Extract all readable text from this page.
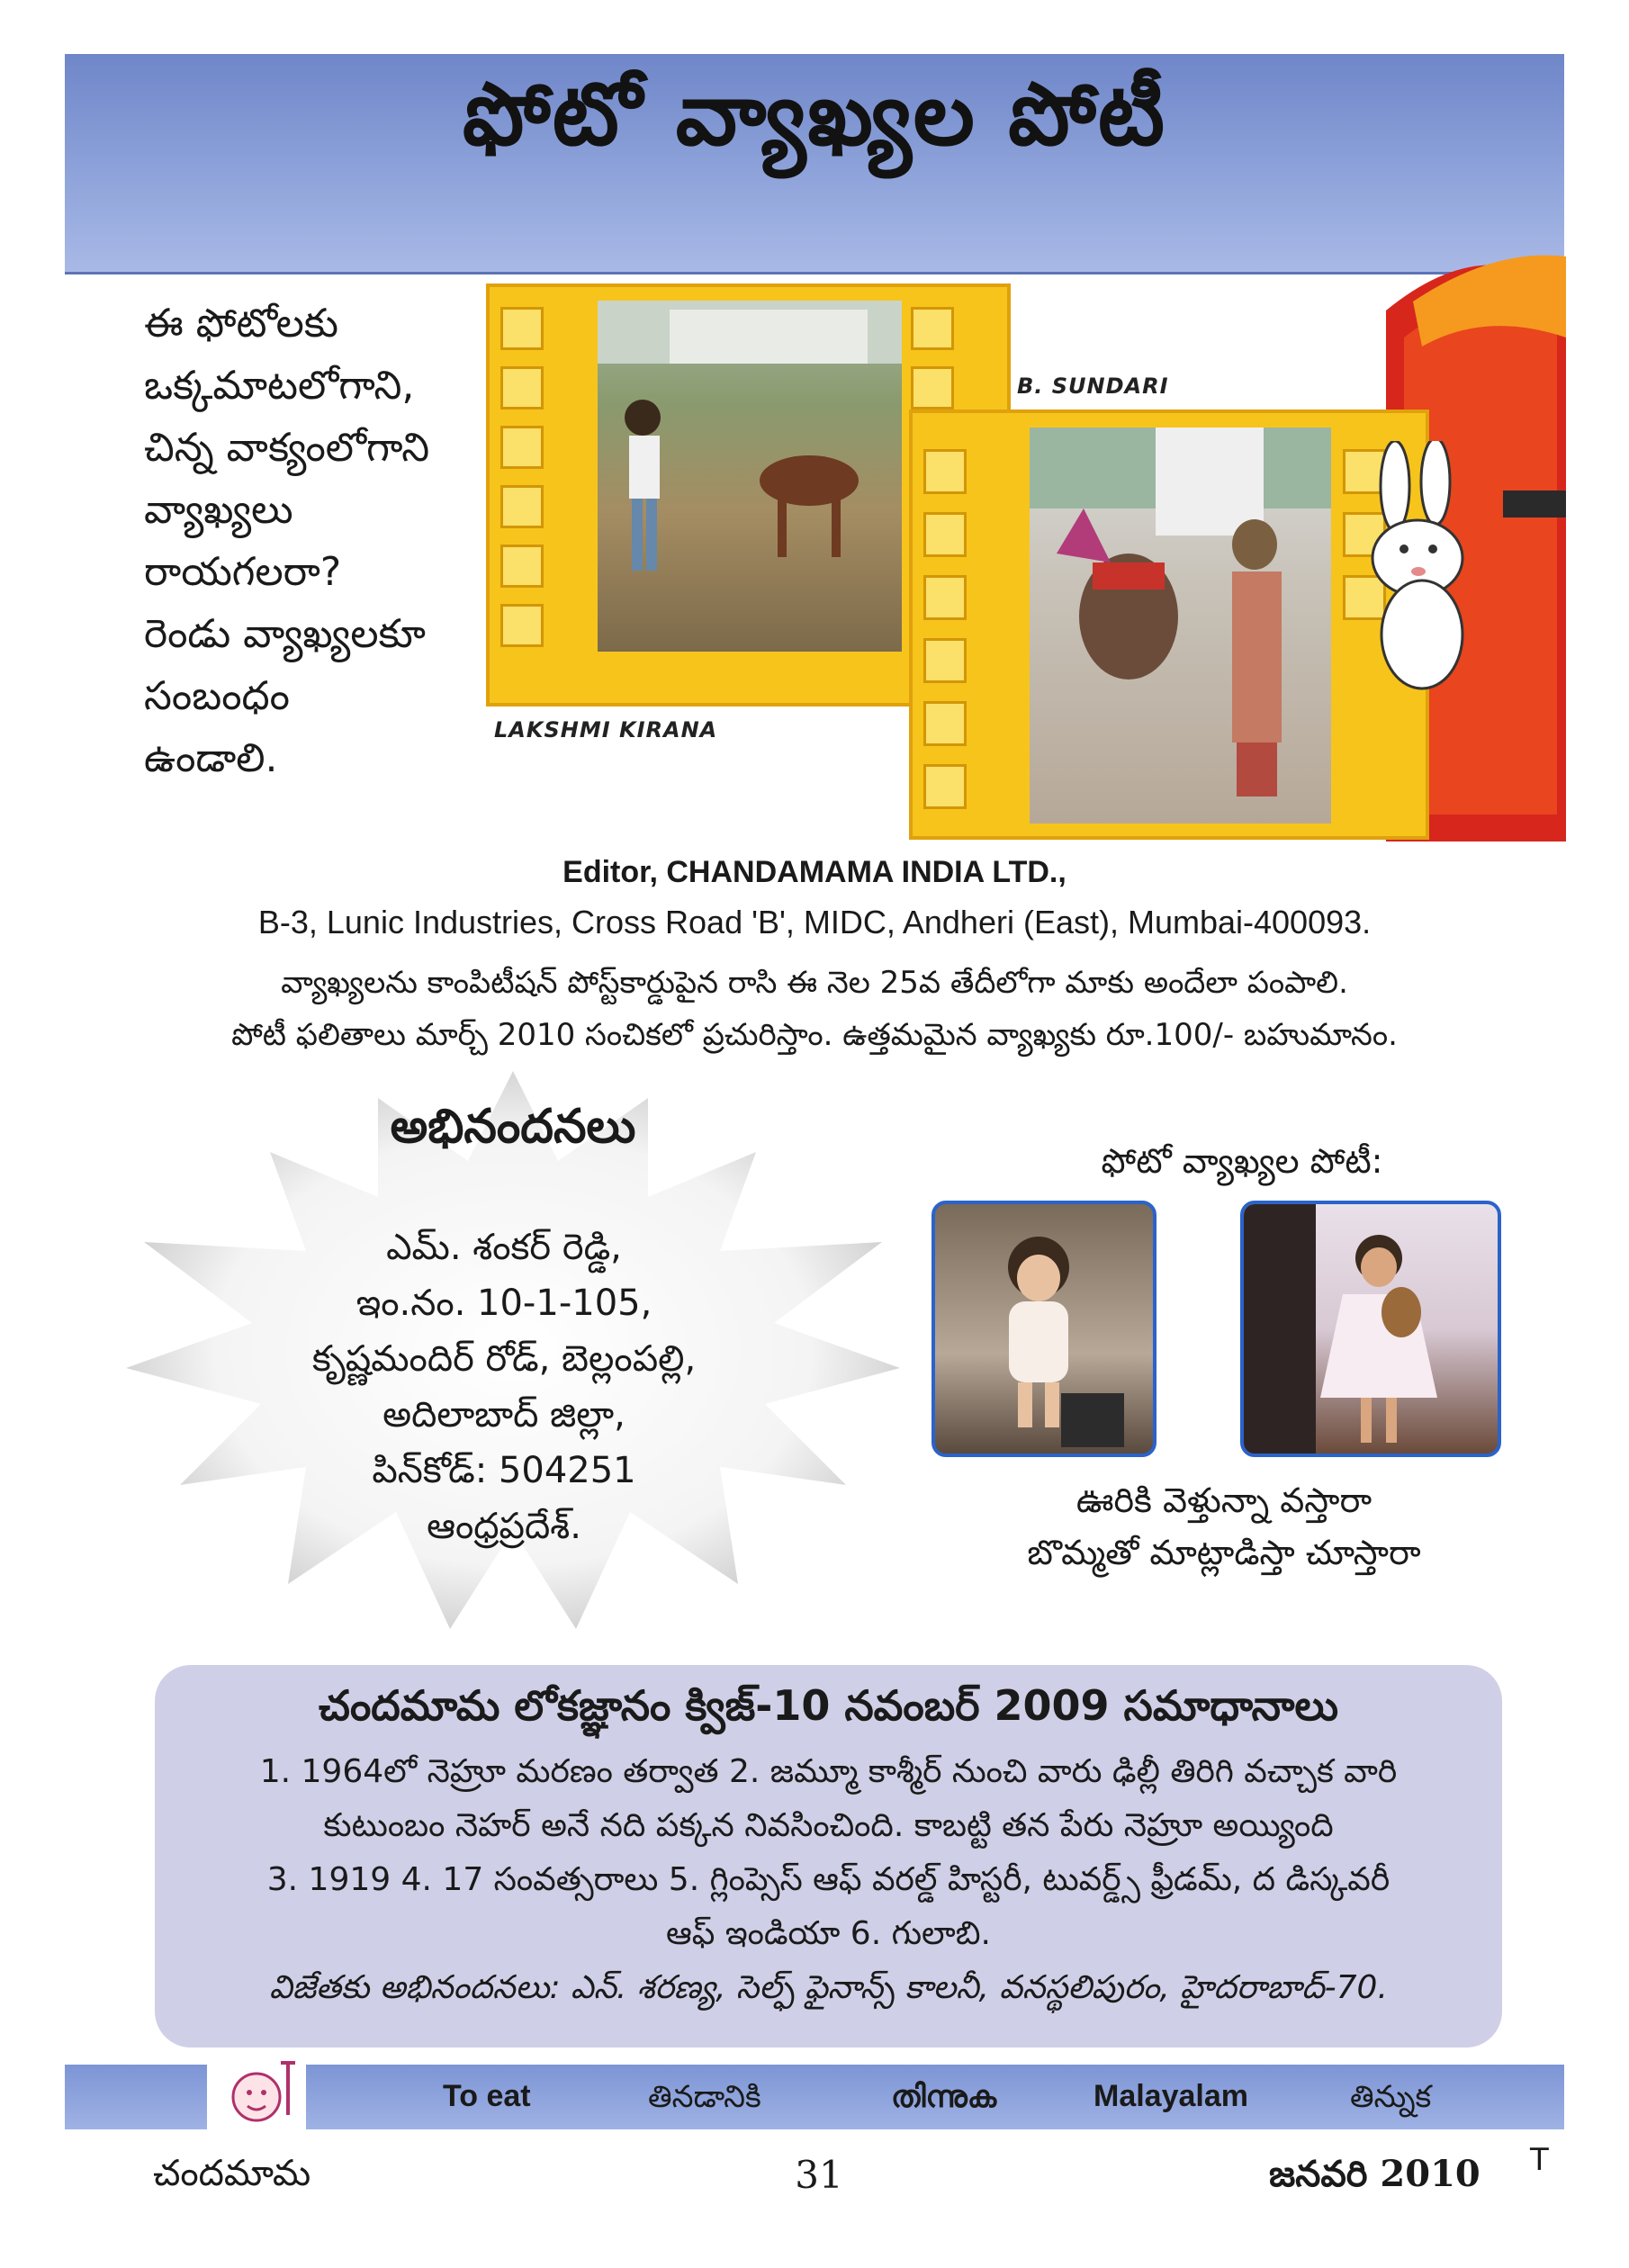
ఫోటో వ్యాఖ్యల పోటీ
LAKSHMI KIRANA
B. SUNDARI
ఈ ఫోటోలకు
ఒక్కమాటలోగాని,
చిన్న వాక్యంలోగాని
వ్యాఖ్యలు
రాయగలరా?
రెండు వ్యాఖ్యలకూ
సంబంధం
ఉండాలి.
Editor, CHANDAMAMA INDIA LTD.,
B-3, Lunic Industries, Cross Road 'B', MIDC, Andheri (East), Mumbai-400093.
వ్యాఖ్యలను కాంపిటీషన్ పోస్ట్‌కార్డుపైన రాసి ఈ నెల 25వ తేదీలోగా మాకు అందేలా పంపాలి.
పోటీ ఫలితాలు మార్చ్ 2010 సంచికలో ప్రచురిస్తాం. ఉత్తమమైన వ్యాఖ్యకు రూ.100/- బహుమానం.
అభినందనలు
ఎమ్. శంకర్ రెడ్డి,
ఇం.నం. 10-1-105,
కృష్ణమందిర్ రోడ్, బెల్లంపల్లి,
అదిలాబాద్ జిల్లా,
పిన్‌కోడ్: 504251
ఆంధ్రప్రదేశ్.
ఫోటో వ్యాఖ్యల పోటీ:
ఊరికి వెళ్తున్నా వస్తారా
బొమ్మతో మాట్లాడిస్తా చూస్తారా
చందమామ లోకజ్ఞానం క్విజ్-10 నవంబర్ 2009 సమాధానాలు
1. 1964లో నెహ్రూ మరణం తర్వాత 2. జమ్మూ కాశ్మీర్ నుంచి వారు ఢిల్లీ తిరిగి వచ్చాక వారి
కుటుంబం నెహర్ అనే నది పక్కన నివసించింది. కాబట్టి తన పేరు నెహ్రూ అయ్యింది
3. 1919 4. 17 సంవత్సరాలు 5. గ్లింప్సెస్ ఆఫ్ వరల్డ్ హిస్టరీ, టువర్డ్స్ ఫ్రీడమ్, ద డిస్కవరీ
ఆఫ్ ఇండియా 6. గులాబి.
విజేతకు అభినందనలు: ఎన్. శరణ్య, సెల్ఫ్ ఫైనాన్స్ కాలనీ, వనస్థలిపురం, హైదరాబాద్-70.
To eat	తినడానికి	തിന്നുക	Malayalam	తిన్నుక
చందమామ	31	జనవరి 2010 T
